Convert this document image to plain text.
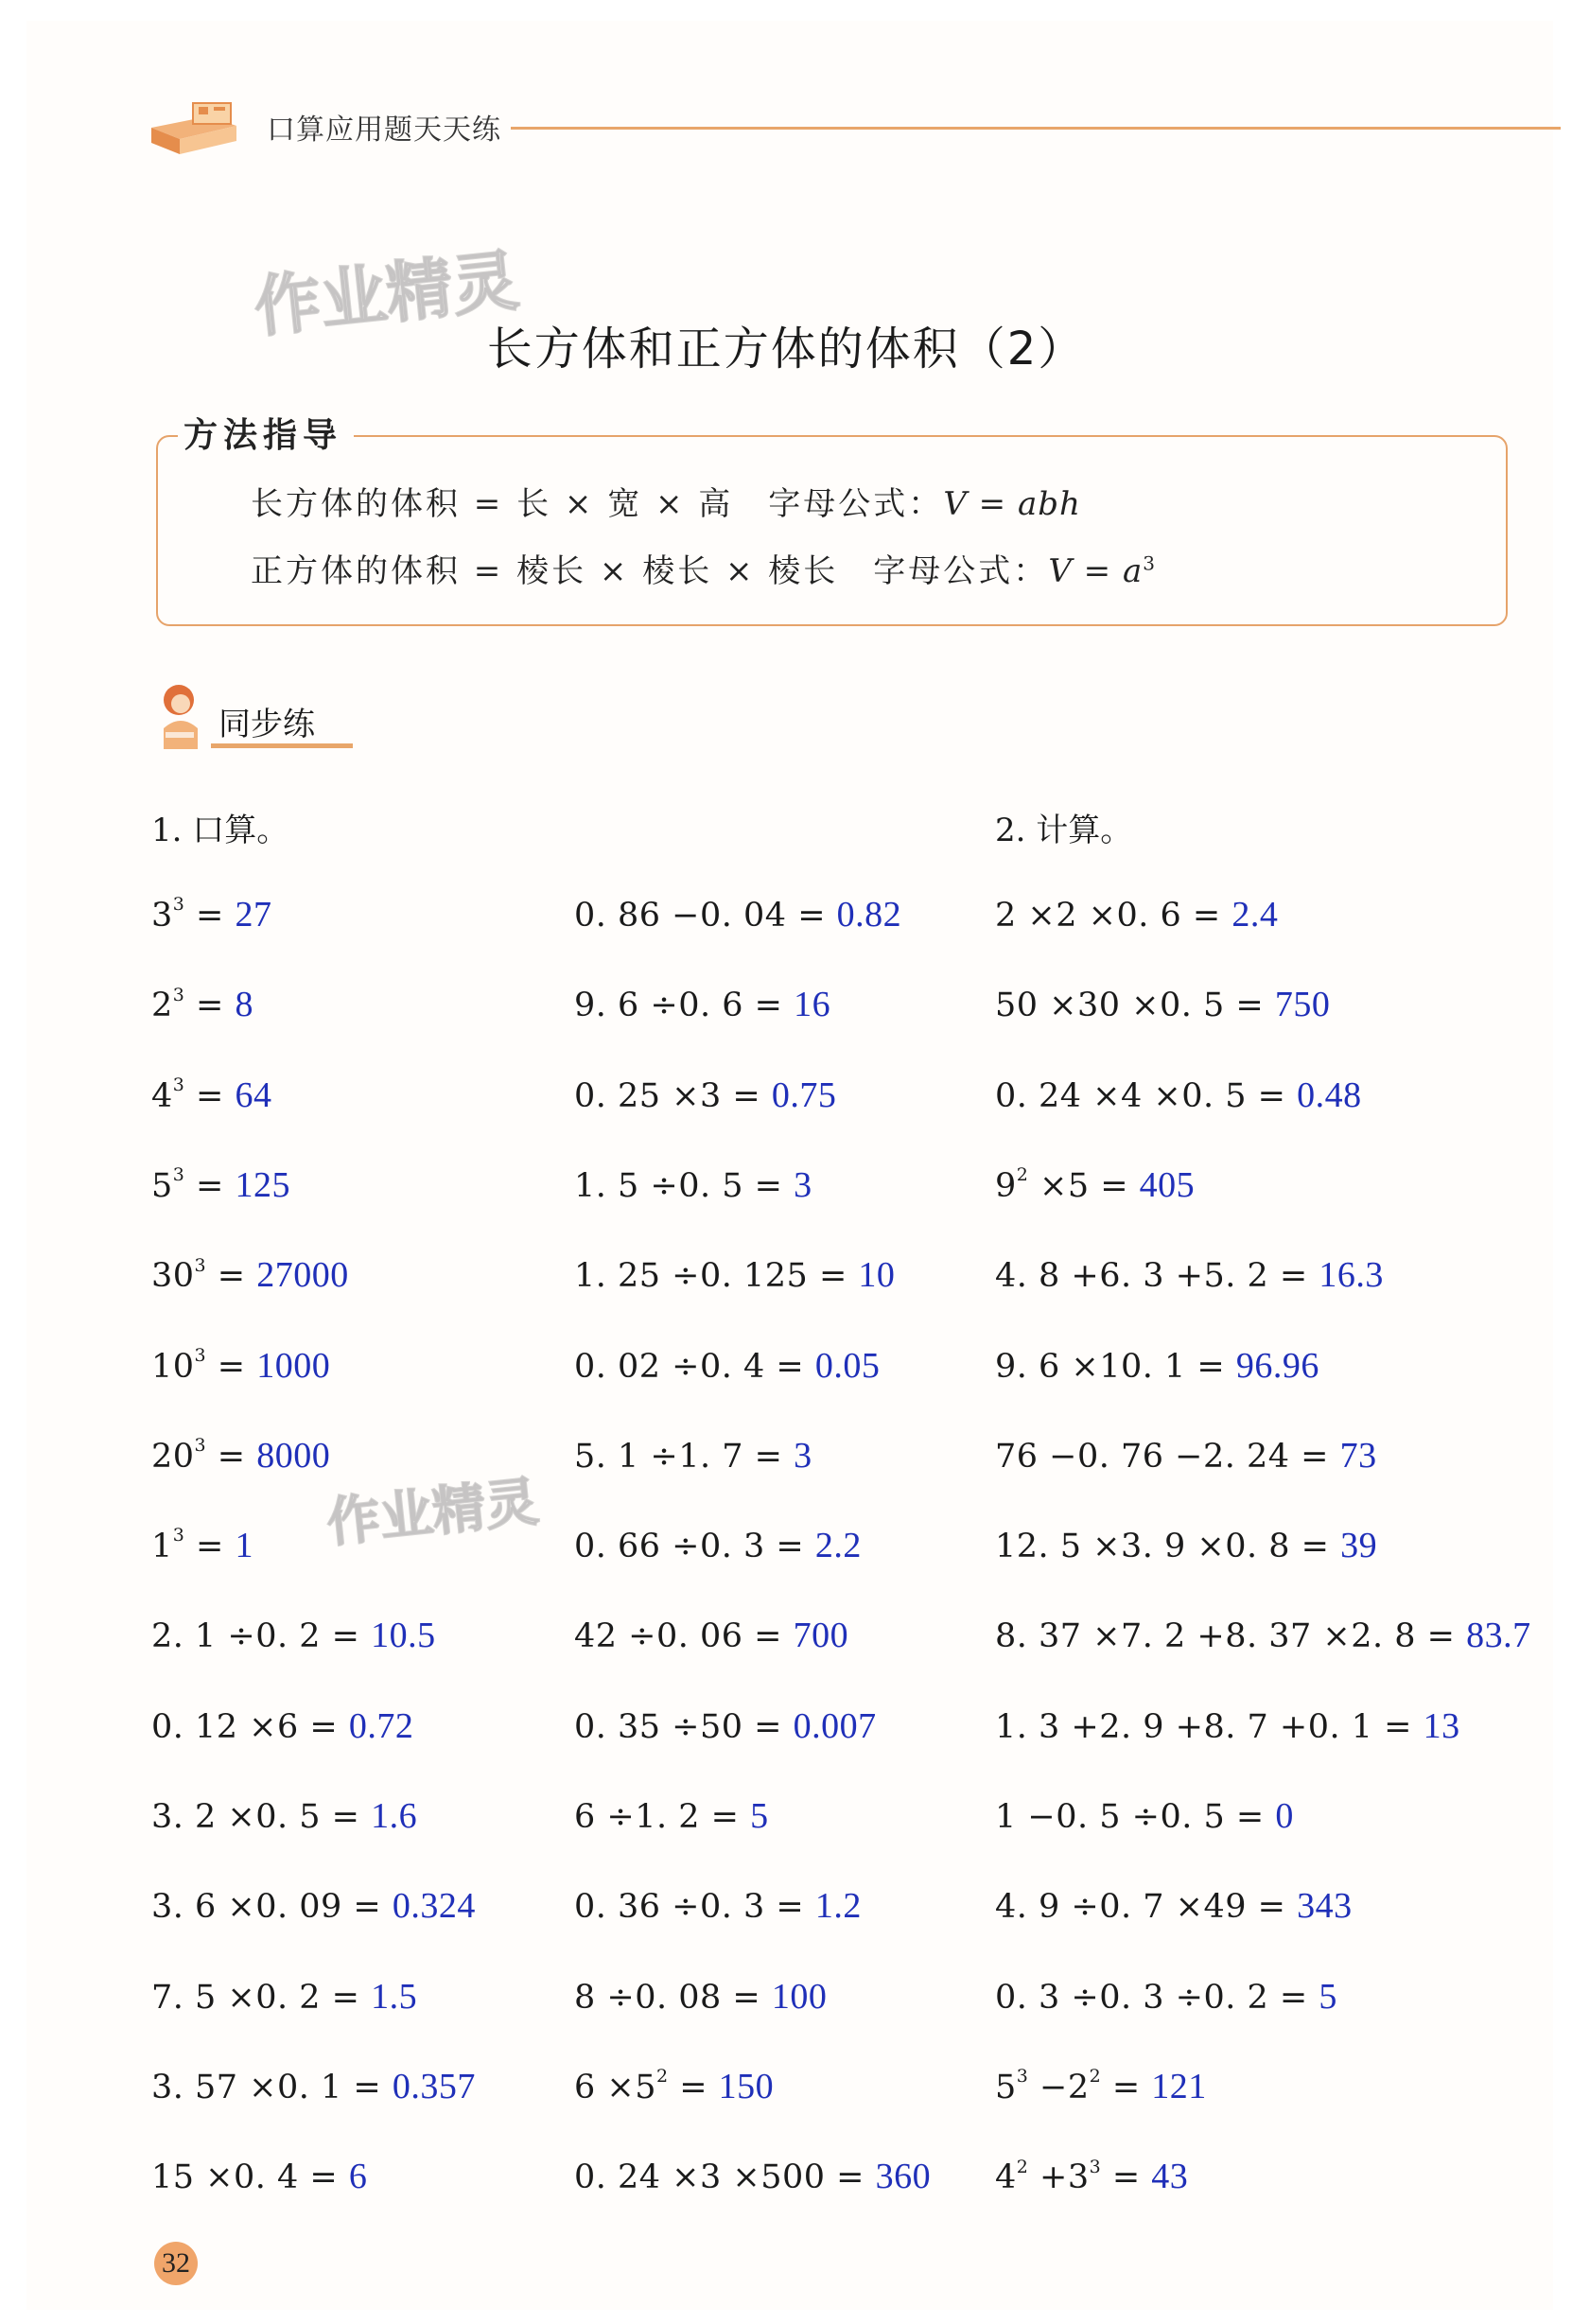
口算应用题天天练
作业精灵
作业精灵
长方体和正方体的体积（2）
方法指导
长方体的体积 = 长 × 宽 × 高　字母公式：V = abh
正方体的体积 = 棱长 × 棱长 × 棱长　字母公式：$V = a^3$
同步练
1. 口算。	2. 计算。
$3^3 = 27$
$2^3 = 8$
$4^3 = 64$
$5^3 = 125$
$30^3 = 27000$
$10^3 = 1000$
$20^3 = 8000$
$1^3 = 1$
2. 1 ÷0. 2 = 10.5
0. 12 ×6 = 0.72
3. 2 ×0. 5 = 1.6
3. 6 ×0. 09 = 0.324
7. 5 ×0. 2 = 1.5
3. 57 ×0. 1 = 0.357
15 ×0. 4 = 6
0. 86 −0. 04 = 0.82
9. 6 ÷0. 6 = 16
0. 25 ×3 = 0.75
1. 5 ÷0. 5 = 3
1. 25 ÷0. 125 = 10
0. 02 ÷0. 4 = 0.05
5. 1 ÷1. 7 = 3
0. 66 ÷0. 3 = 2.2
42 ÷0. 06 = 700
0. 35 ÷50 = 0.007
6 ÷1. 2 = 5
0. 36 ÷0. 3 = 1.2
8 ÷0. 08 = 100
$6 \times 5^2 = 150$
0. 24 ×3 ×500 = 360
2 ×2 ×0. 6 = 2.4
50 ×30 ×0. 5 = 750
0. 24 ×4 ×0. 5 = 0.48
$9^2 \times 5 = 405$
4. 8 +6. 3 +5. 2 = 16.3
9. 6 ×10. 1 = 96.96
76 −0. 76 −2. 24 = 73
12. 5 ×3. 9 ×0. 8 = 39
8. 37 ×7. 2 +8. 37 ×2. 8 = 83.7
1. 3 +2. 9 +8. 7 +0. 1 = 13
1 −0. 5 ÷0. 5 = 0
4. 9 ÷0. 7 ×49 = 343
0. 3 ÷0. 3 ÷0. 2 = 5
$5^3 -2^2 = 121$
$4^2 +3^3 = 43$
32
